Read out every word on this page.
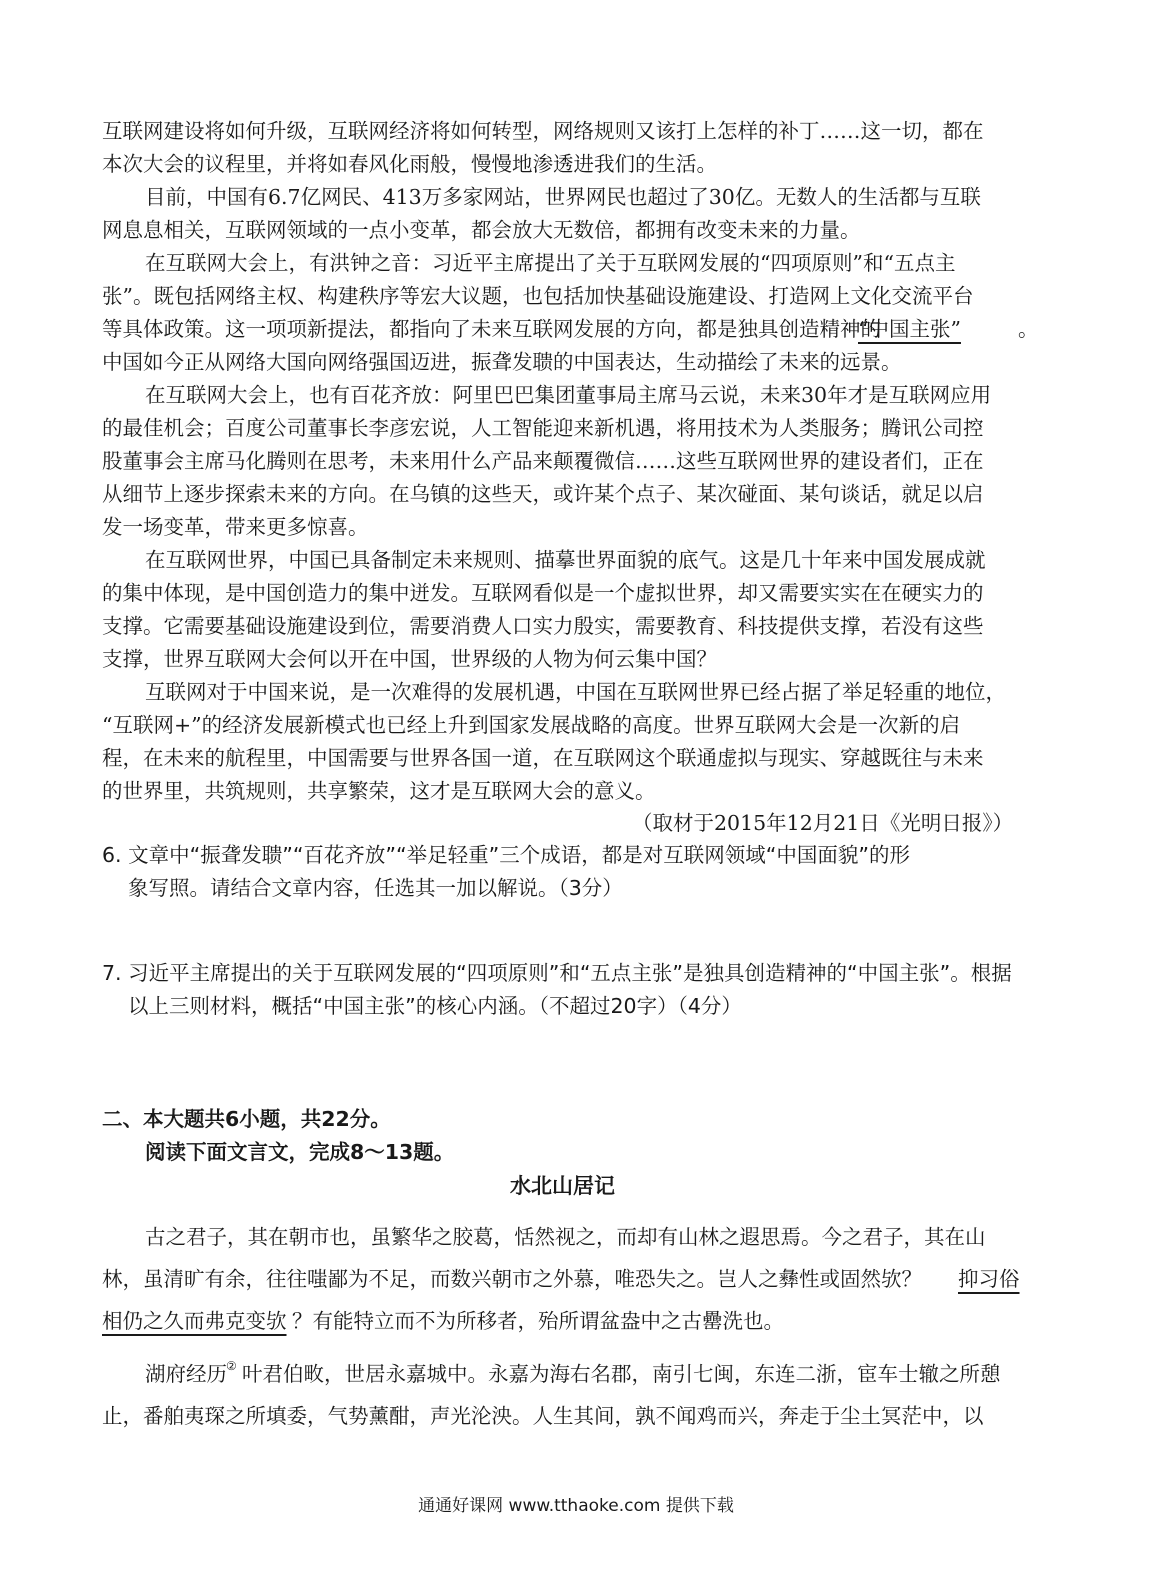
互联网建设将如何升级，互联网经济将如何转型，网络规则又该打上怎样的补丁……这一切，都在
本次大会的议程里，并将如春风化雨般，慢慢地渗透进我们的生活。
目前，中国有6.7亿网民、413万多家网站，世界网民也超过了30亿。无数人的生活都与互联
网息息相关，互联网领域的一点小变革，都会放大无数倍，都拥有改变未来的力量。
在互联网大会上，有洪钟之音：习近平主席提出了关于互联网发展的“四项原则”和“五点主
张”。既包括网络主权、构建秩序等宏大议题，也包括加快基础设施建设、打造网上文化交流平台
等具体政策。这一项项新提法，都指向了未来互联网发展的方向，都是独具创造精神的
“中国主张”	。
中国如今正从网络大国向网络强国迈进，振聋发聩的中国表达，生动描绘了未来的远景。
在互联网大会上，也有百花齐放：阿里巴巴集团董事局主席马云说，未来30年才是互联网应用
的最佳机会；百度公司董事长李彦宏说，人工智能迎来新机遇，将用技术为人类服务；腾讯公司控
股董事会主席马化腾则在思考，未来用什么产品来颠覆微信……这些互联网世界的建设者们，正在
从细节上逐步探索未来的方向。在乌镇的这些天，或许某个点子、某次碰面、某句谈话，就足以启
发一场变革，带来更多惊喜。
在互联网世界，中国已具备制定未来规则、描摹世界面貌的底气。这是几十年来中国发展成就
的集中体现，是中国创造力的集中迸发。互联网看似是一个虚拟世界，却又需要实实在在硬实力的
支撑。它需要基础设施建设到位，需要消费人口实力殷实，需要教育、科技提供支撑，若没有这些
支撑，世界互联网大会何以开在中国，世界级的人物为何云集中国？
互联网对于中国来说，是一次难得的发展机遇，中国在互联网世界已经占据了举足轻重的地位，
“互联网+”的经济发展新模式也已经上升到国家发展战略的高度。世界互联网大会是一次新的启
程，在未来的航程里，中国需要与世界各国一道，在互联网这个联通虚拟与现实、穿越既往与未来
的世界里，共筑规则，共享繁荣，这才是互联网大会的意义。
（取材于2015年12月21日《光明日报》）
6. 文章中“振聋发聩”“百花齐放”“举足轻重”三个成语，都是对互联网领域“中国面貌”的形
象写照。请结合文章内容，任选其一加以解说。（3分）
7. 习近平主席提出的关于互联网发展的“四项原则”和“五点主张”是独具创造精神的“中国主张”。根据
以上三则材料，概括“中国主张”的核心内涵。（不超过20字）（4分）
二、本大题共6小题，共22分。
阅读下面文言文，完成8～13题。
水北山居记
古之君子，其在朝市也，虽繁华之胶葛，恬然视之，而却有山林之遐思焉。今之君子，其在山
林，虽清旷有余，往往嗤鄙为不足，而数兴朝市之外慕，唯恐失之。岂人之彝性或固然欤？ 抑习俗
相仍之久而弗克变欤 ？有能特立而不为所移者，殆所谓盆盎中之古罍洗也。
湖府经历 ② 叶君伯畋，世居永嘉城中。永嘉为海右名郡，南引七闽，东连二浙，宦车士辙之所憩
止，番舶夷琛之所填委，气势薰酣，声光沦泱。人生其间，孰不闻鸡而兴，奔走于尘土冥茫中，以
通通好课网 www.tthaoke.com 提供下载
